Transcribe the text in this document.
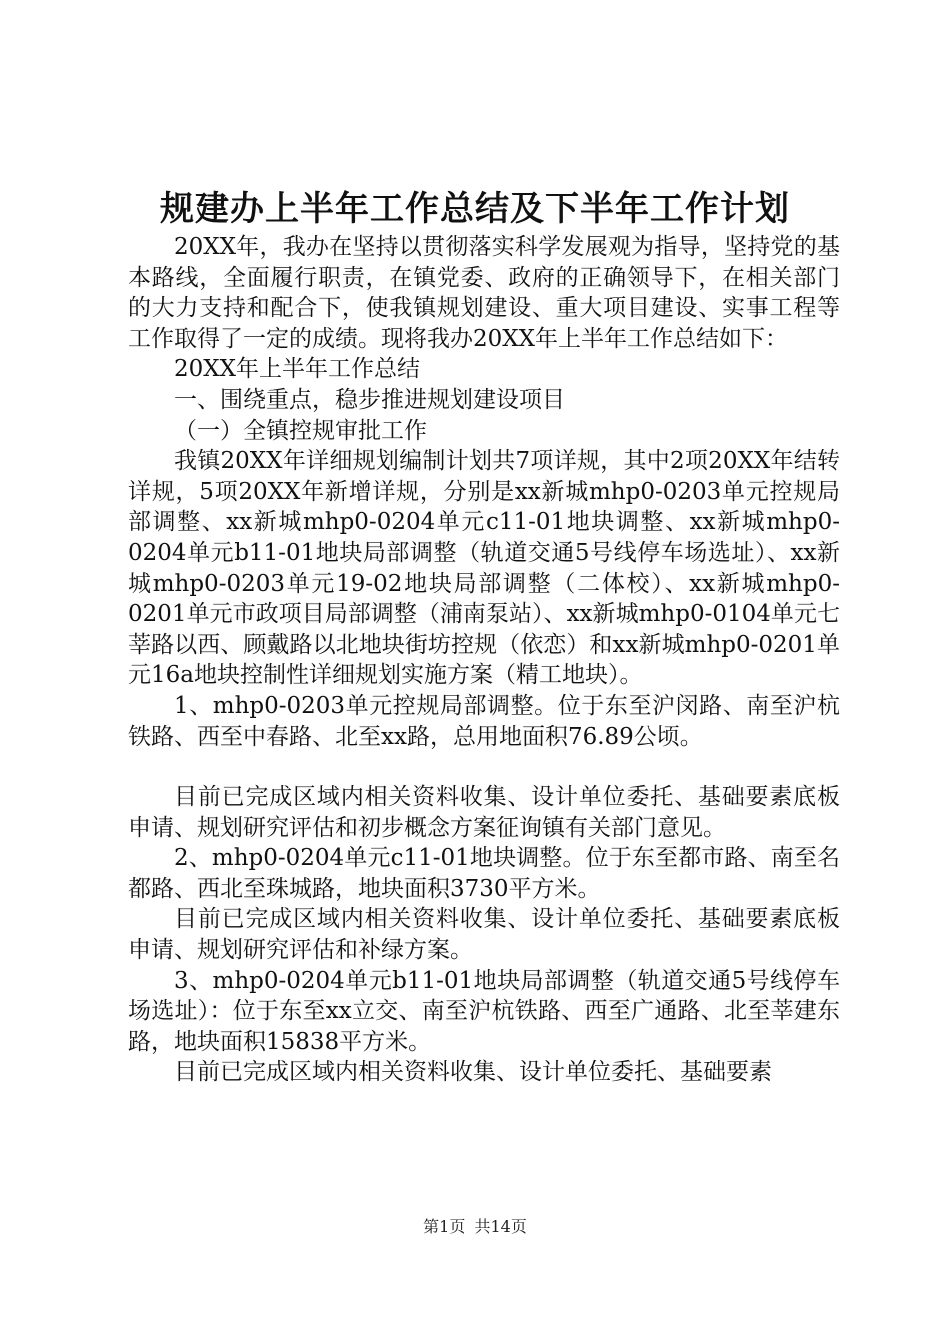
规建办上半年工作总结及下半年工作计划

20XX年，我办在坚持以贯彻落实科学发展观为指导，坚持党的基本路线，全面履行职责，在镇党委、政府的正确领导下，在相关部门的大力支持和配合下，使我镇规划建设、重大项目建设、实事工程等工作取得了一定的成绩。现将我办20XX年上半年工作总结如下：

20XX年上半年工作总结

一、围绕重点，稳步推进规划建设项目

（一）全镇控规审批工作

我镇20XX年详细规划编制计划共7项详规，其中2项20XX年结转详规，5项20XX年新增详规，分别是xx新城mhp0-0203单元控规局部调整、xx新城mhp0-0204单元c11-01地块调整、xx新城mhp0-0204单元b11-01地块局部调整（轨道交通5号线停车场选址）、xx新城mhp0-0203单元19-02地块局部调整（二体校）、xx新城mhp0-0201单元市政项目局部调整（浦南泵站）、xx新城mhp0-0104单元七莘路以西、顾戴路以北地块街坊控规（依恋）和xx新城mhp0-0201单元16a地块控制性详细规划实施方案（精工地块）。

1、mhp0-0203单元控规局部调整。位于东至沪闵路、南至沪杭铁路、西至中春路、北至xx路，总用地面积76.89公顷。

目前已完成区域内相关资料收集、设计单位委托、基础要素底板申请、规划研究评估和初步概念方案征询镇有关部门意见。

2、mhp0-0204单元c11-01地块调整。位于东至都市路、南至名都路、西北至珠城路，地块面积3730平方米。

目前已完成区域内相关资料收集、设计单位委托、基础要素底板申请、规划研究评估和补绿方案。

3、mhp0-0204单元b11-01地块局部调整（轨道交通5号线停车场选址）：位于东至xx立交、南至沪杭铁路、西至广通路、北至莘建东路，地块面积15838平方米。

目前已完成区域内相关资料收集、设计单位委托、基础要素

第1页 共14页
